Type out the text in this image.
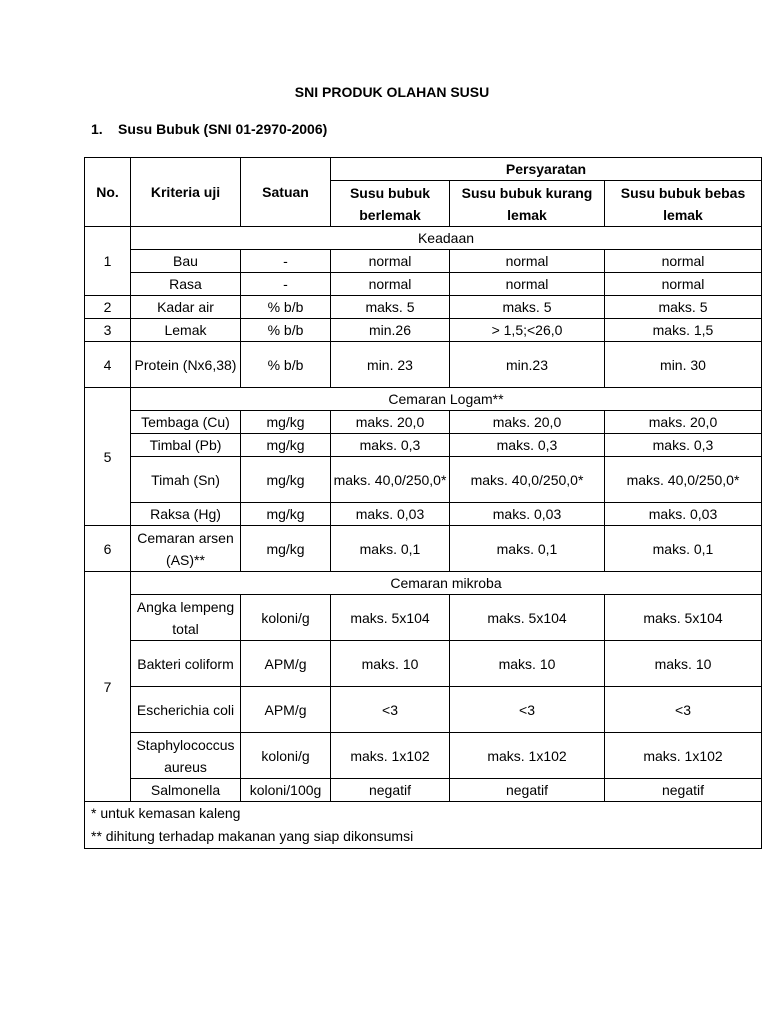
SNI PRODUK OLAHAN SUSU
1. Susu Bubuk (SNI 01-2970-2006)
No.	Kriteria uji	Satuan	Persyaratan		
			Susu bubuk berlemak	Susu bubuk kurang lemak	Susu bubuk bebas lemak
1	Keadaan				
	Bau	-	normal	normal	normal
	Rasa	-	normal	normal	normal
2	Kadar air	% b/b	maks. 5	maks. 5	maks. 5
3	Lemak	% b/b	min.26	> 1,5;<26,0	maks. 1,5
4	Protein (Nx6,38)	% b/b	min. 23	min.23	min. 30
5	Cemaran Logam**				
	Tembaga (Cu)	mg/kg	maks. 20,0	maks. 20,0	maks. 20,0
	Timbal (Pb)	mg/kg	maks. 0,3	maks. 0,3	maks. 0,3
	Timah (Sn)	mg/kg	maks. 40,0/250,0*	maks. 40,0/250,0*	maks. 40,0/250,0*
	Raksa (Hg)	mg/kg	maks. 0,03	maks. 0,03	maks. 0,03
6	Cemaran arsen (AS)**	mg/kg	maks. 0,1	maks. 0,1	maks. 0,1
7	Cemaran mikroba				
	Angka lempeng total	koloni/g	maks. 5x104	maks. 5x104	maks. 5x104
	Bakteri coliform	APM/g	maks. 10	maks. 10	maks. 10
	Escherichia coli	APM/g	<3	<3	<3
	Staphylococcus aureus	koloni/g	maks. 1x102	maks. 1x102	maks. 1x102
	Salmonella	koloni/100g	negatif	negatif	negatif

* untuk kemasan kaleng
** dihitung terhadap makanan yang siap dikonsumsi					
